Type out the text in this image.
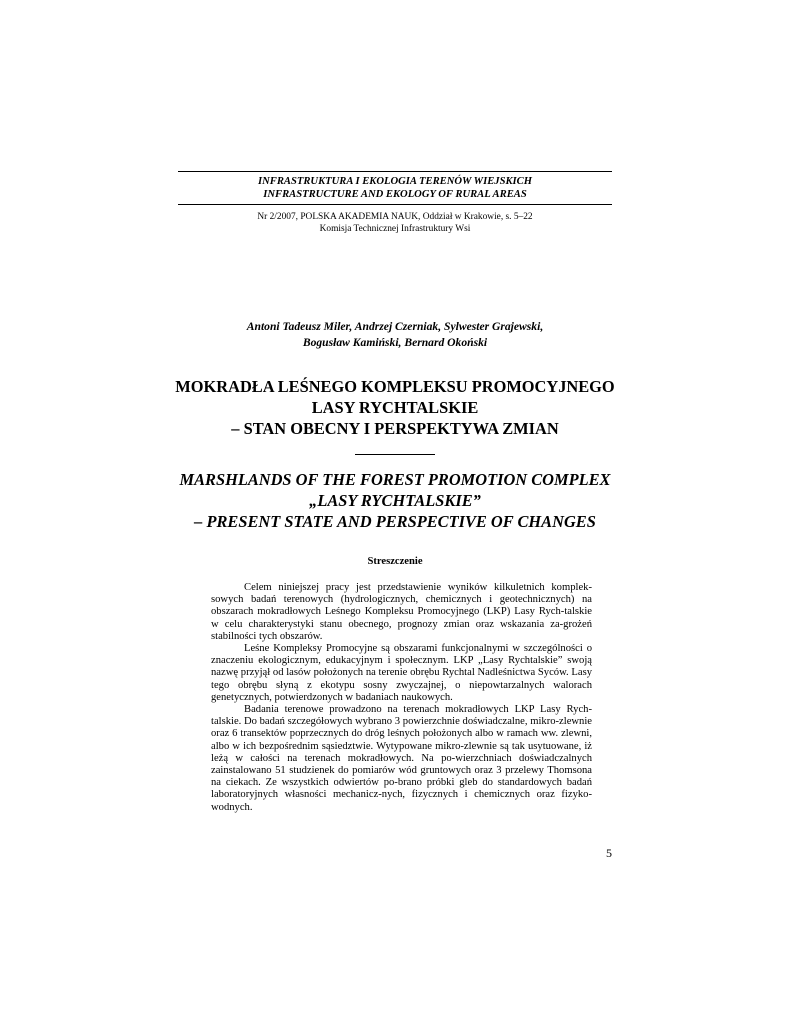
INFRASTRUKTURA I EKOLOGIA TERENÓW WIEJSKICH
INFRASTRUCTURE AND EKOLOGY OF RURAL AREAS
Nr 2/2007, POLSKA AKADEMIA NAUK, Oddział w Krakowie, s. 5–22
Komisja Technicznej Infrastruktury Wsi
Antoni Tadeusz Miler, Andrzej Czerniak, Sylwester Grajewski,
Bogusław Kamiński, Bernard Okoński
MOKRADŁA LEŚNEGO KOMPLEKSU PROMOCYJNEGO
LASY RYCHTALSKIE
– STAN OBECNY I PERSPEKTYWA ZMIAN
MARSHLANDS OF THE FOREST PROMOTION COMPLEX
„LASY RYCHTALSKIE”
– PRESENT STATE AND PERSPECTIVE OF CHANGES
Streszczenie

Celem niniejszej pracy jest przedstawienie wyników kilkuletnich komplek-sowych badań terenowych (hydrologicznych, chemicznych i geotechnicznych) na obszarach mokradłowych Leśnego Kompleksu Promocyjnego (LKP) Lasy Rych-talskie w celu charakterystyki stanu obecnego, prognozy zmian oraz wskazania za-grożeń stabilności tych obszarów.

Leśne Kompleksy Promocyjne są obszarami funkcjonalnymi w szczególności o znaczeniu ekologicznym, edukacyjnym i społecznym. LKP „Lasy Rychtalskie” swoją nazwę przyjął od lasów położonych na terenie obrębu Rychtal Nadleśnictwa Syców. Lasy tego obrębu słyną z ekotypu sosny zwyczajnej, o niepowtarzalnych walorach genetycznych, potwierdzonych w badaniach naukowych.

Badania terenowe prowadzono na terenach mokradłowych LKP Lasy Rych-talskie. Do badań szczegółowych wybrano 3 powierzchnie doświadczalne, mikro-zlewnie oraz 6 transektów poprzecznych do dróg leśnych położonych albo w ramach ww. zlewni, albo w ich bezpośrednim sąsiedztwie. Wytypowane mikro-zlewnie są tak usytuowane, iż leżą w całości na terenach mokradłowych. Na po-wierzchniach doświadczalnych zainstalowano 51 studzienek do pomiarów wód gruntowych oraz 3 przelewy Thomsona na ciekach. Ze wszystkich odwiertów po-brano próbki gleb do standardowych badań laboratoryjnych własności mechanicz-nych, fizycznych i chemicznych oraz fizyko-wodnych.

5
